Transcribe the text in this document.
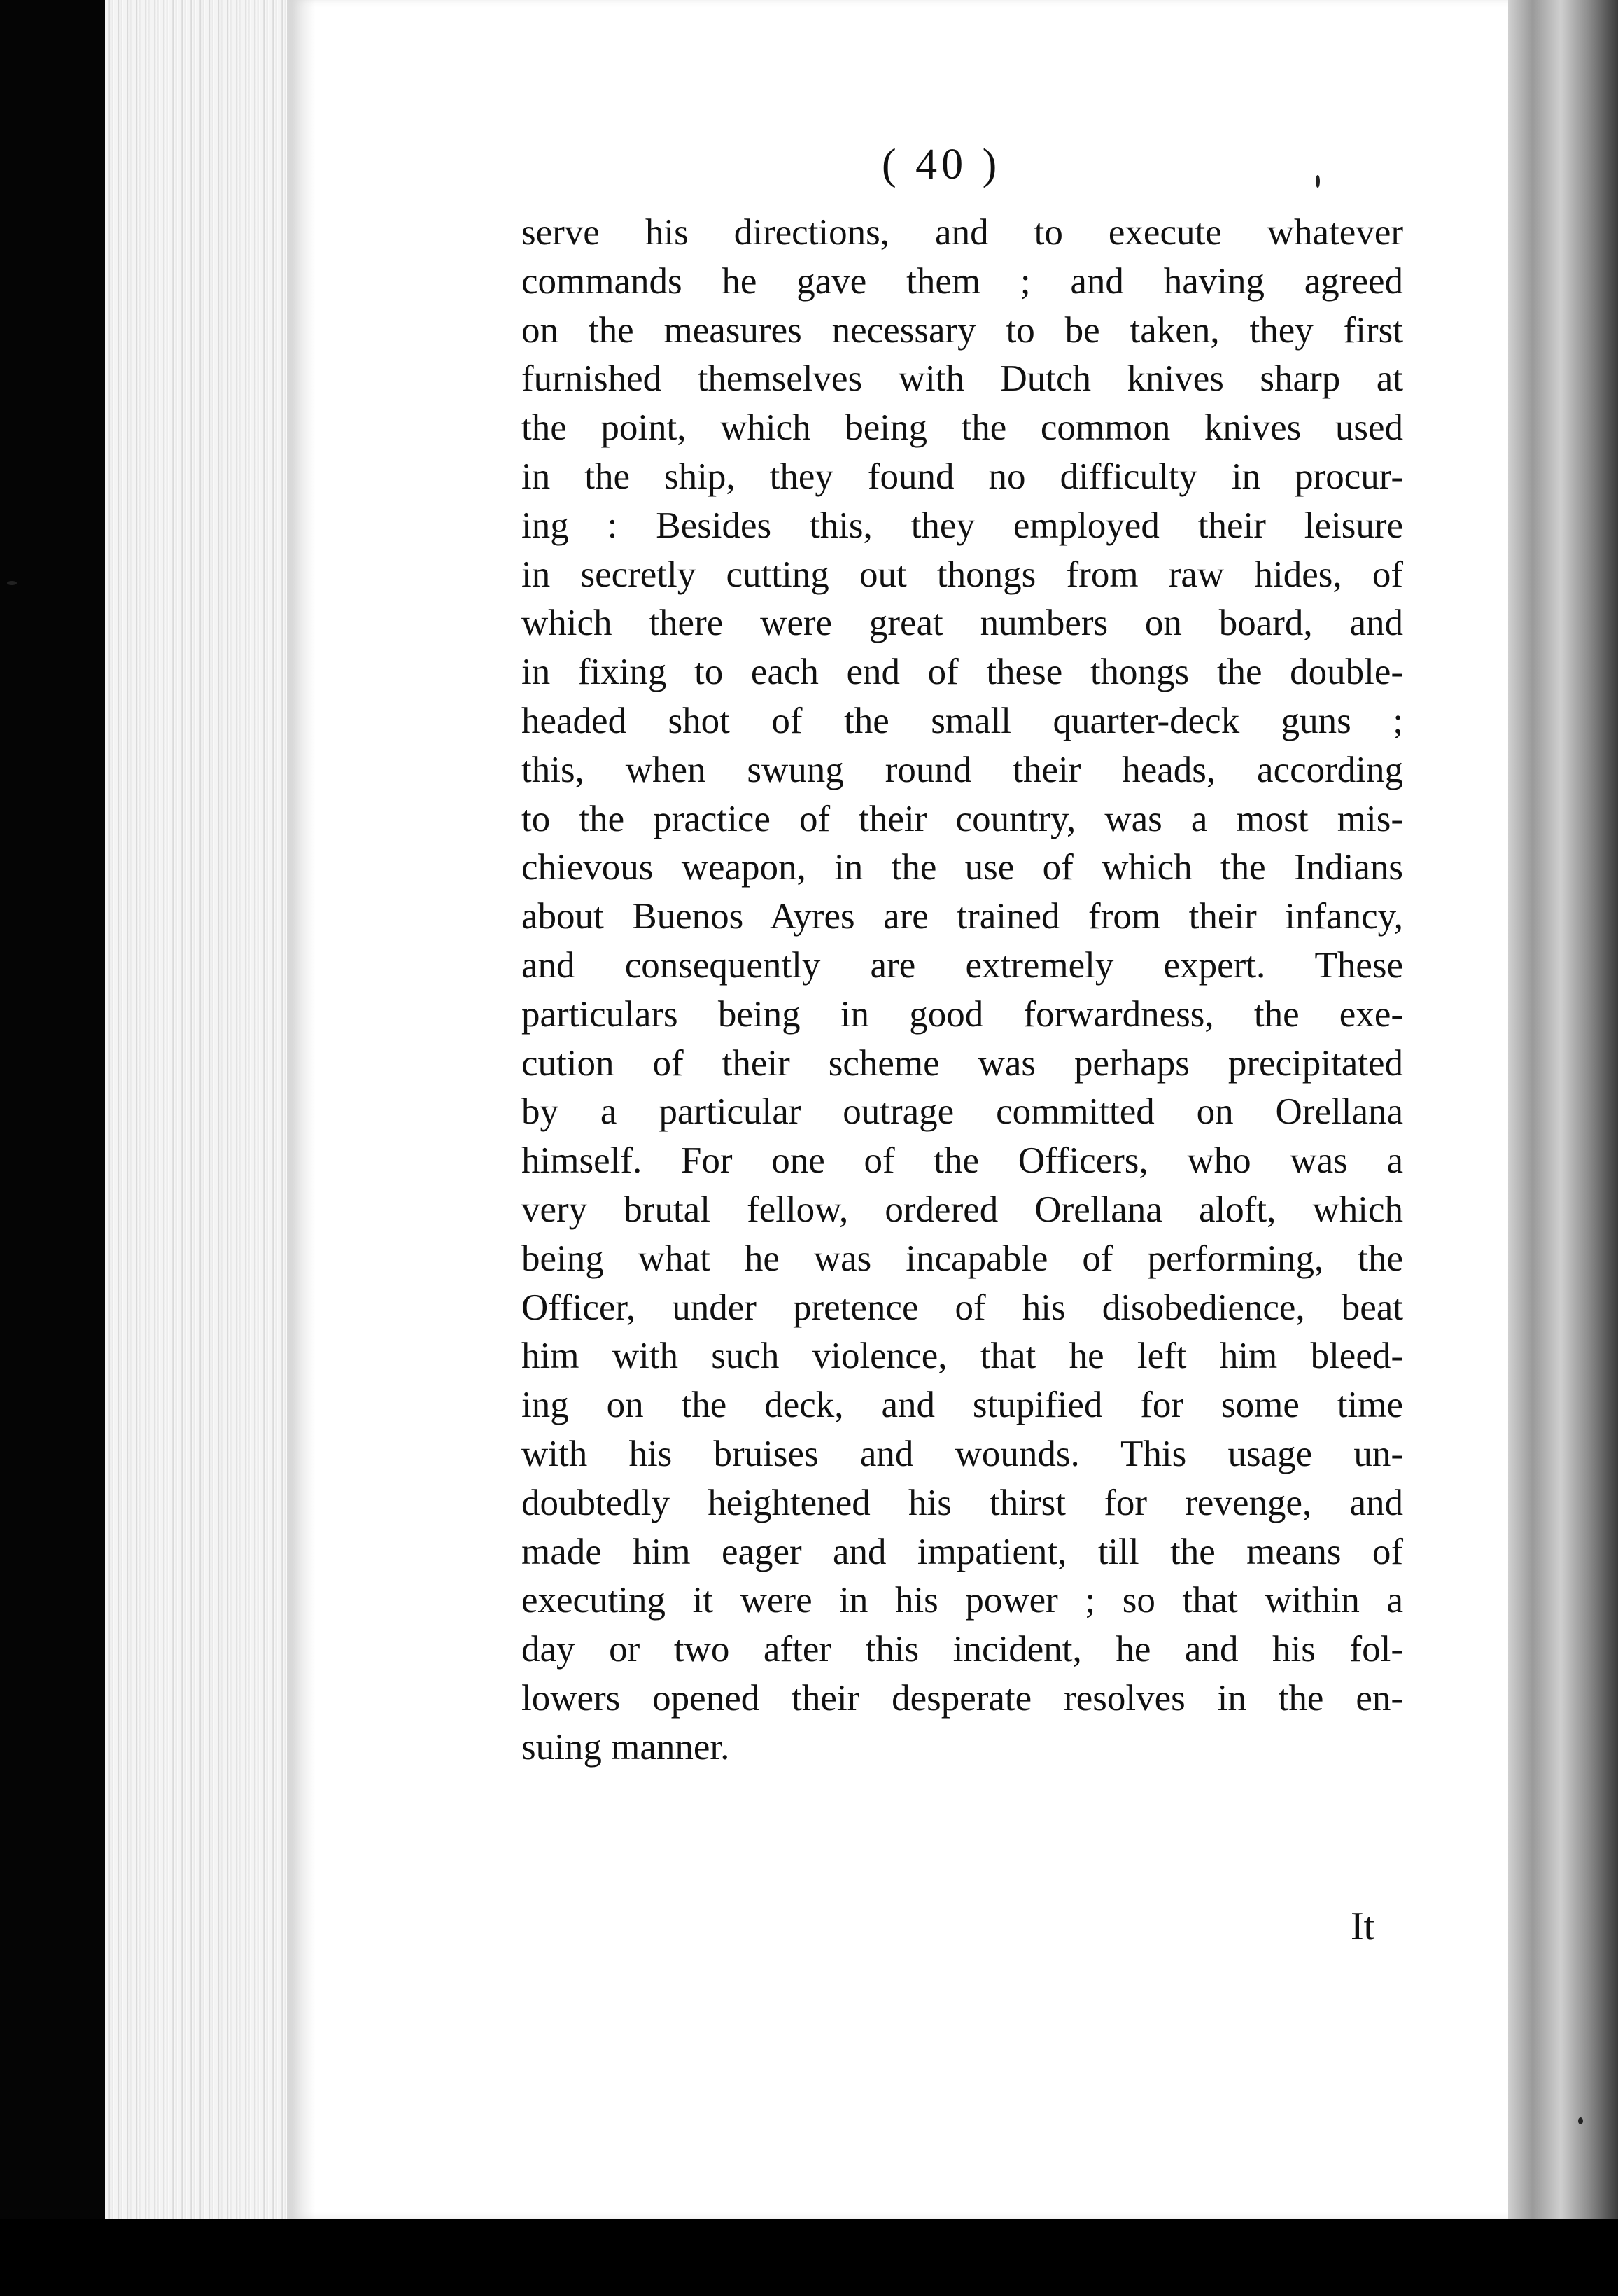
( 40 )
serve his directions, and to execute whatever
commands he gave them ; and having agreed
on the measures necessary to be taken, they first
furnished themselves with Dutch knives sharp at
the point, which being the common knives used
in the ship, they found no difficulty in procur-
ing : Besides this, they employed their leisure
in secretly cutting out thongs from raw hides, of
which there were great numbers on board, and
in fixing to each end of these thongs the double-
headed shot of the small quarter-deck guns ;
this, when swung round their heads, according
to the practice of their country, was a most mis-
chievous weapon, in the use of which the Indians
about Buenos Ayres are trained from their infancy,
and consequently are extremely expert. These
particulars being in good forwardness, the exe-
cution of their scheme was perhaps precipitated
by a particular outrage committed on Orellana
himself. For one of the Officers, who was a
very brutal fellow, ordered Orellana aloft, which
being what he was incapable of performing, the
Officer, under pretence of his disobedience, beat
him with such violence, that he left him bleed-
ing on the deck, and stupified for some time
with his bruises and wounds. This usage un-
doubtedly heightened his thirst for revenge, and
made him eager and impatient, till the means of
executing it were in his power ; so that within a
day or two after this incident, he and his fol-
lowers opened their desperate resolves in the en-
suing manner.
It
